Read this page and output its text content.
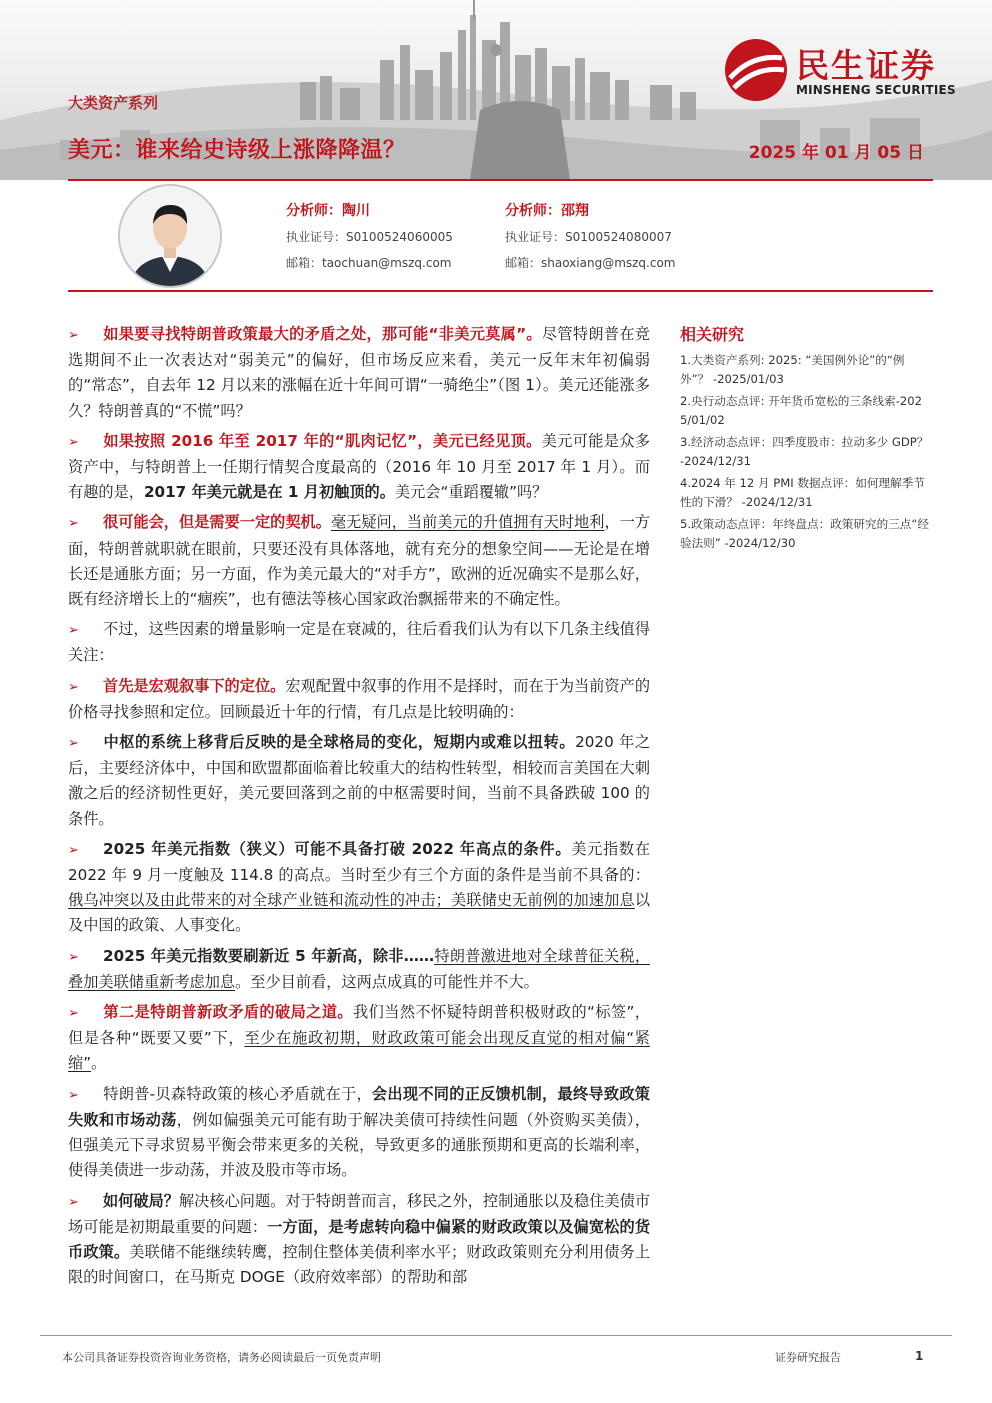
民生证券
MINSHENG SECURITIES
大类资产系列
美元：谁来给史诗级上涨降降温？	2025 年 01 月 05 日
分析师：陶川
执业证号：S0100524060005
邮箱：taochuan@mszq.com
分析师：邵翔
执业证号：S0100524080007
邮箱：shaoxiang@mszq.com

➢ 如果要寻找特朗普政策最大的矛盾之处，那可能“非美元莫属”。尽管特朗普在竞选期间不止一次表达对“弱美元”的偏好，但市场反应来看，美元一反年末年初偏弱的“常态”，自去年 12 月以来的涨幅在近十年间可谓“一骑绝尘”（图 1）。美元还能涨多久？特朗普真的“不慌”吗？

➢ 如果按照 2016 年至 2017 年的“肌肉记忆”，美元已经见顶。美元可能是众多资产中，与特朗普上一任期行情契合度最高的（2016 年 10 月至 2017 年 1 月）。而有趣的是，2017 年美元就是在 1 月初触顶的。美元会“重蹈覆辙”吗？

➢ 很可能会，但是需要一定的契机。毫无疑问，当前美元的升值拥有天时地利，一方面，特朗普就职就在眼前，只要还没有具体落地，就有充分的想象空间——无论是在增长还是通胀方面；另一方面，作为美元最大的“对手方”，欧洲的近况确实不是那么好，既有经济增长上的“痼疾”，也有德法等核心国家政治飘摇带来的不确定性。

➢ 不过，这些因素的增量影响一定是在衰减的，往后看我们认为有以下几条主线值得关注：

➢ 首先是宏观叙事下的定位。宏观配置中叙事的作用不是择时，而在于为当前资产的价格寻找参照和定位。回顾最近十年的行情，有几点是比较明确的：

➢ 中枢的系统上移背后反映的是全球格局的变化，短期内或难以扭转。2020 年之后，主要经济体中，中国和欧盟都面临着比较重大的结构性转型，相较而言美国在大刺激之后的经济韧性更好，美元要回落到之前的中枢需要时间，当前不具备跌破 100 的条件。

➢ 2025 年美元指数（狭义）可能不具备打破 2022 年高点的条件。美元指数在 2022 年 9 月一度触及 114.8 的高点。当时至少有三个方面的条件是当前不具备的：俄乌冲突以及由此带来的对全球产业链和流动性的冲击；美联储史无前例的加速加息以及中国的政策、人事变化。

➢ 2025 年美元指数要刷新近 5 年新高，除非……特朗普激进地对全球普征关税，叠加美联储重新考虑加息。至少目前看，这两点成真的可能性并不大。

➢ 第二是特朗普新政矛盾的破局之道。我们当然不怀疑特朗普积极财政的“标签”，但是各种“既要又要”下，至少在施政初期，财政政策可能会出现反直觉的相对偏“紧缩”。

➢ 特朗普-贝森特政策的核心矛盾就在于，会出现不同的正反馈机制，最终导致政策失败和市场动荡，例如偏强美元可能有助于解决美债可持续性问题（外资购买美债），但强美元下寻求贸易平衡会带来更多的关税，导致更多的通胀预期和更高的长端利率，使得美债进一步动荡，并波及股市等市场。

➢ 如何破局？解决核心问题。对于特朗普而言，移民之外，控制通胀以及稳住美债市场可能是初期最重要的问题：一方面，是考虑转向稳中偏紧的财政政策以及偏宽松的货币政策。美联储不能继续转鹰，控制住整体美债利率水平；财政政策则充分利用债务上限的时间窗口，在马斯克 DOGE（政府效率部）的帮助和部

相关研究
1.大类资产系列: 2025: “美国例外论”的“例外”？ -2025/01/03
2.央行动态点评: 开年货币宽松的三条线索-2025/01/02
3.经济动态点评：四季度股市：拉动多少 GDP？ -2024/12/31
4.2024 年 12 月 PMI 数据点评：如何理解季节性的下滑？ -2024/12/31
5.政策动态点评：年终盘点：政策研究的三点“经验法则” -2024/12/30
本公司具备证券投资咨询业务资格，请务必阅读最后一页免责声明	证券研究报告	1
